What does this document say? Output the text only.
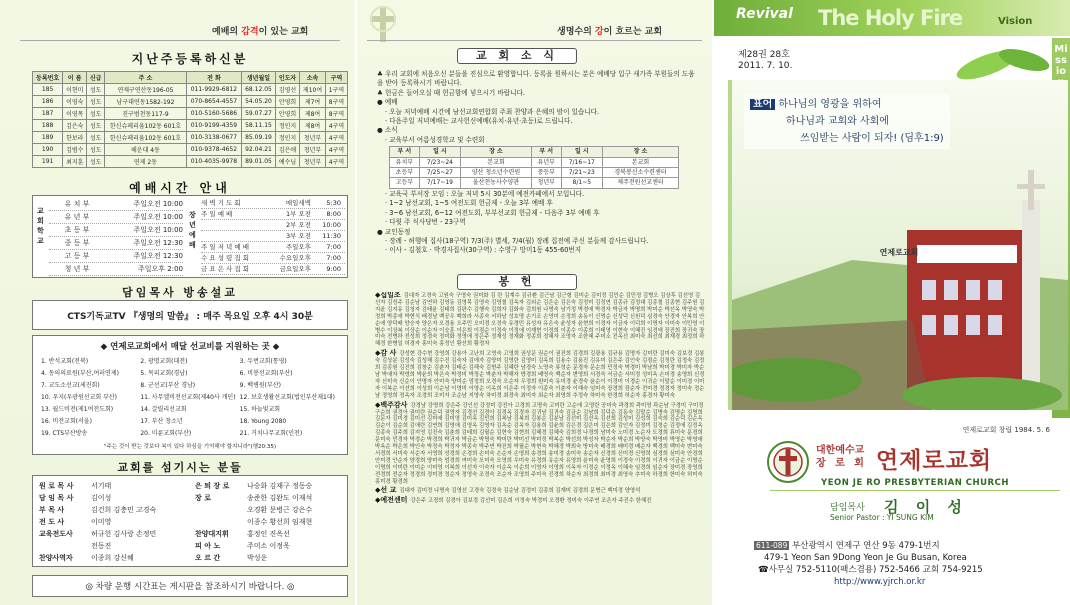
예배의 감격이 있는 교회
지난주등록하신분
등록번호	이 름	신급	주 소	전 화	생년월일	인도자	소속	구역
185	이현미	성도	연제구연산동196-05	011-9929-6812	68.12.05	김영선	제10여	1구역
186	이영숙	성도	남구대연동1582-192	070-8654-4557	54.05.20	안영희	제7여	8구역
187	이영목	성도	진구범천동117-9	010-5160-5686	59.07.27	안영희	제8여	8구역
188	김은숙	성도	한신슈페리움102동 601호	010-9199-4359	58.11.15	정인지	제8여	4구역
189	한보라	성도	한신슈페리움102동 601호	010-3138-0677	85.09.19	정인지	청년부	4구역
190	김범수	성도	해운대 4동	010-9378-4652	92.04.21	김은애	청년부	4구역
191	최지훈	성도	연제 2동	010-4035-9978	89.01.05	예수님	청년부	4구역
예배시간 안내
교회학교
유 치 부	주일오전 10:00
유 년 부	주일오전 10:00
초 등 부	주일오전 10:00
중 등 부	주일오전 12:30
고 등 부	주일오전 12:30
청 년 부	주일오후 2:00
장년예배
새 벽 기 도 회	매일새벽	5:30
주 일 예 배	1부 오전	8:00
2부 오전	10:00
3부 오전	11:30
주 일 저 녁 예 배	주일오후	7:00
수 요 성 령 집 회	수요일오후	7:00
금 요 은 사 집 회	금요일오후	9:00
담임목사 방송설교
CTS기독교TV 『생명의 말씀』 : 매주 목요일 오후 4시 30분
◆ 연제로교회에서 매달 선교비를 지원하는 곳 ◆
1. 반석교회(전북)	2. 광명교회(대전)	3. 두번교회(통영)
4. 동의의료원(부산,여러연제)	5. 목피교회(경남)	6. 비봉선교회(부산)
7. 교도소선교(세진회)	8. 군선교(부산 경남)	9. 백병원(부산)
10. 우지(우광원선교회 부산)	11. 사무엘비전선교회(제40사 개인) 12. 보호생활선교회(법인부산제1대)
13. 월드비전(제1여전도회)	14. 갈릴리선교회	15. 하늘빛교회
16. 비전교회(서울)	17. 부산 청소년	18. Young 2080
19. CTS부산방송	20. 미룬교회(부산)	21. 거치나무교회(인천)
"주는 것이 받는 것보다 복이 있다 하심을 기억해야 할지니라"(행20:35)
교회를 섬기시는 분들
원 로 목 사	서기태
담 임 목 사	김이성
부 목 사	김건희 김충민 고경숙
전 도 사	이미영
교육전도사	허규헌 김사랑 손정민
전동진
찬양사역자	이종희 강신혜
은 퇴 장 로	나승화 김재구 정동승
장 로	송준한 김완도 이재석
오경환 문병근 강은수
이종수 황선희 임재현
찬양대지휘	홍정인 진옥선
피 아 노	주미소 이정욱
오 르 간	박성운
◎ 차량 운행 시간표는 게시판을 참조하시기 바랍니다. ◎
생명수의 강이 흐르는 교회
교 회 소 식
♣ 우리 교회에 처음오신 분들을 진심으로 환영합니다. 등록을 원하시는 분은 예배당 입구 새가족 부원들의 도움을 받아 등록하시기 바랍니다.
♣ 헌금은 들어오실 때 헌금함에 넣으시기 바랍니다.
● 예배
· 오늘 저녁예배 시간에 남선교회연합회 주최 찬양과 은혜의 밤이 있습니다.
· 다음주일 저녁예배는 교사헌신예배(유치·유년·초등)로 드립니다.
● 소식
· 교육부서 여름성경학교 및 수련회
부 서	일 시	장 소	부 서	일 시	장 소
유치부	7/23~24	본교회	유년부	7/16~17	본교회
초등부	7/25~27	양산 청소년수련원	중등부	7/21~23	경북봉신소수련센터
고등부	7/17~19	울산천농사수양관	청년부	8/1~5	제주전원선교센터
· 교육국 부서장 모임 : 오늘 저녁 5시 30분에 예전카페에서 모입니다.
· 1~2 남선교회, 1~5 여전도회 헌금제 - 오늘 3부 예배 후
· 3~6 남선교회, 6~12 여전도회, 부부선교회 헌금제 - 다음주 3부 예배 후
· 다윗 주 식사당번 - 23구역
● 교인동정
· 장례 - 허행애 집사(18구역) 7/3(주) 별세, 7/4(월) 장례 집전예 주신 분들께 감사드립니다.
· 이사 - 김철호 · 박경자집사(30구역) : 수영구 망미1동 455-60번지
봉 헌
◆십일조 김대자 고경숙 고원숙 구영숙 권미화 김 란 김계수 김규환 김근남 김근형 김미순 김미정 김민순 김민정 김병오 김상후 김선영 김선자 김성주 김순남 김연하 김영동 김영목 김영숙 김영철 김옥자 김외순 김은순 김은숙 김정미 김정연 김종규 김정대 김종철 김종현 김주원 김지윤 김지유 김청자 김태윤 김태희 김판수 김행숙 김희자 김화숙 김희원 나명숙 남기정 박경애 박경자 박금자 박명희 박미순 박선옥 박영숙 박정희 박종애 박현식 배경남 백공우 백희라 서종숙 서하남 성호명 손기조 손영미 손정희 송동이 신명순 신성덕 신원덕 심경숙 안경자 안복희 안순애 양덕배 양승자 양은자 오경용 오주민 오미경 오정숙 유경민 유성자 유은숙 윤성자 윤현희 이경자 이금자 이덕희 이명자 이미숙 이민영 이병수 이상복 이상순 이순자 이승훈 이은희 이점순 이정숙 이정애 이재현 이정희 이종수 이종희 이태영 이현숙 이혜진 임경애 장진희 장귀숙 장미숙 전병하 전성희 정경숙 정미화 정영애 정은주 정재성 정재화 정종희 정혜자 조영자 조한혜 주미소 진옥선 최미숙 최선희 최재경 최정희 하혜경 한병일 허경자 홍미숙 홍정인 황선희 황정자
◆감 사 강성현 강수현 강영희 강용아 고난희 고영숙 고영희 권성문 권순이 권진희 김경희 김광용 김규용 김명자 김미란 김미숙 김보경 김봉숙 김상분 김성숙 김성해 김수진 김숙자 김애자 김양미 김영란 김영미 김옥희 김용수 김용진 김유미 김은주 김인숙 김점순 김정란 김정숙 김정희 김종원 김진희 김창순 김춘자 김태순 김해숙 김현주 김혜란 남경숙 노영숙 류정순 문경자 문순희 민정숙 박경미 박남희 박미경 박미자 박순남 박애자 박영희 박윤희 박은숙 박정미 박정순 박춘자 박해자 방경희 배영숙 백순자 변영희 서경숙 서금순 서미정 성미옥 손미경 송영희 신경자 신미숙 신순이 안명자 안미숙 양미순 엄정희 오경숙 오순자 우정희 원미숙 유미경 윤경숙 윤순이 이경미 이경순 이귀순 이말순 이미경 이미자 이복순 이선희 이성희 이순남 이영미 이영순 이옥희 이은주 이정자 이종숙 이춘자 이해숙 임미숙 장경희 장순자 전미경 정경자 정미숙 정순남 정영희 정옥자 조경희 조미자 조순남 지영숙 차미경 최경숙 최미자 최순자 최영희 추정숙 하미숙 한경희 허순자 홍경자 황미숙
◆백주감사 강경남 강명희 강은주 강인선 강정미 강진아 고경희 고명숙 고미란 고순애 고영란 공미숙 곽경희 곽미영 곽순남 구경미 구미정 구순희 권경아 권미란 권순덕 권영자 김경선 김경아 김경옥 김경자 김귀남 김귀숙 김금순 김남희 김덕순 김동숙 김말순 김명숙 김명순 김명희 김문자 김미경 김미선 김미애 김미영 김미옥 김민희 김복남 김복희 김봉순 김분남 김선미 김선옥 김선희 김성미 김성희 김숙희 김순덕 김순옥 김순이 김순희 김애란 김연희 김영애 김영옥 김영자 김옥순 김옥자 김용희 김윤희 김은경 김은미 김은희 김인자 김정미 김정순 김정애 김정옥 김종숙 김주희 김지영 김진숙 김춘희 김태희 김필순 김현숙 김현희 김혜경 김혜숙 김희경 나경희 남미숙 노미경 노순자 도경희 류미숙 문경희 문미숙 민경자 박경순 박경희 박귀자 박금순 박명숙 박미란 박미선 박미정 박복순 박선희 박성자 박순자 박순희 박양숙 박영미 박영순 박영애 박옥순 박은희 박인숙 박정숙 박정자 박종숙 박주연 박진희 박필순 박현숙 박혜경 박희숙 방미숙 배경희 배미경 배순자 백경희 백미숙 변미숙 서경희 서미숙 서순자 서영희 성경희 손경희 손미숙 손순자 손영희 송경희 송미경 송미숙 송순자 신경희 신미경 신영희 심경희 심미숙 안경희 안미경 안순자 양경희 양미숙 엄경희 여미숙 오미숙 오영희 우미숙 유경희 유순자 유영희 윤미숙 윤영희 이경숙 이경희 이귀자 이금순 이명순 이명희 이미란 이미순 이미영 이복희 이선자 이숙자 이순옥 이순희 이영자 이영희 이옥자 이정순 이정옥 이혜숙 임경희 임순자 장미경 장영희 전경희 전순자 정경희 정미경 정순자 정영숙 조경숙 조순자 조영희 주미숙 진경희 차순자 최경희 최미경 최영숙 추미숙 하경희 한미숙 허미숙 홍미경 황경희
◆선 교 김대자 김미정 나명숙 김영선 고경숙 김정숙 김순남 김정미 김종희 김재미 김경희 문병근 백미경 양영석
◆예전센터 강은주 고경희 김경아 김보경 김선미 김은희 이정숙 박경미 오경환 정미숙 이주연 조은자 주진수 한혜진
Revival The Holy Fire	Vision
Missio
제28권 28호
2011. 7. 10.
연제로교회
표어 하나님의 영광을 위하여
하나님과 교회와 사회에
쓰임받는 사람이 되자! (딤후1:9)
연제로교회 창립 1984. 5. 6
대한예수교
장 로 회 연제로교회
YEON JE RO PRESBYTERIAN CHURCH
담임목사 김 이 성
Senior Pastor : YI SUNG KIM
611-089 부산광역시 연제구 연산 9동 479-1번지
479-1 Yeon San 9Dong Yeon Je Gu Busan, Korea
☎사무실 752-5110(팩스겸용) 752-5466 교회 754-9215
http://www.yjrch.or.kr
